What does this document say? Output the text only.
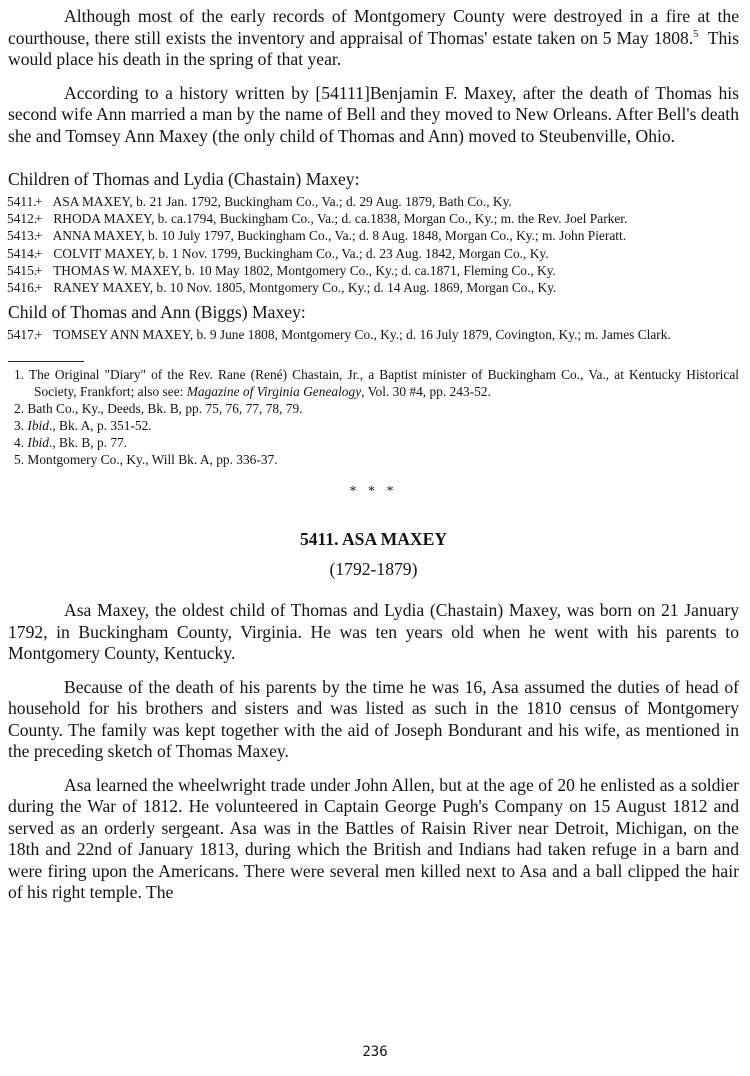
Although most of the early records of Montgomery County were destroyed in a fire at the courthouse, there still exists the inventory and appraisal of Thomas' estate taken on 5 May 1808.$^5$ This would place his death in the spring of that year.

According to a history written by [54111]Benjamin F. Maxey, after the death of Thomas his second wife Ann married a man by the name of Bell and they moved to New Orleans. After Bell's death she and Tomsey Ann Maxey (the only child of Thomas and Ann) moved to Steubenville, Ohio.

Children of Thomas and Lydia (Chastain) Maxey:
+5411. ASA MAXEY, b. 21 Jan. 1792, Buckingham Co., Va.; d. 29 Aug. 1879, Bath Co., Ky.
+5412. RHODA MAXEY, b. ca.1794, Buckingham Co., Va.; d. ca.1838, Morgan Co., Ky.; m. the Rev. Joel Parker.
+5413. ANNA MAXEY, b. 10 July 1797, Buckingham Co., Va.; d. 8 Aug. 1848, Morgan Co., Ky.; m. John Pieratt.
+5414. COLVIT MAXEY, b. 1 Nov. 1799, Buckingham Co., Va.; d. 23 Aug. 1842, Morgan Co., Ky.
+5415. THOMAS W. MAXEY, b. 10 May 1802, Montgomery Co., Ky.; d. ca.1871, Fleming Co., Ky.
+5416. RANEY MAXEY, b. 10 Nov. 1805, Montgomery Co., Ky.; d. 14 Aug. 1869, Morgan Co., Ky.
Child of Thomas and Ann (Biggs) Maxey:
+5417. TOMSEY ANN MAXEY, b. 9 June 1808, Montgomery Co., Ky.; d. 16 July 1879, Covington, Ky.; m. James Clark.
1. The Original "Diary" of the Rev. Rane (René) Chastain, Jr., a Baptist minister of Buckingham Co., Va., at Kentucky Historical Society, Frankfort; also see: Magazine of Virginia Genealogy, Vol. 30 #4, pp. 243-52.
2. Bath Co., Ky., Deeds, Bk. B, pp. 75, 76, 77, 78, 79.
3. Ibid., Bk. A, p. 351-52.
4. Ibid., Bk. B, p. 77.
5. Montgomery Co., Ky., Will Bk. A, pp. 336-37.
* * *
5411. ASA MAXEY
(1792-1879)

Asa Maxey, the oldest child of Thomas and Lydia (Chastain) Maxey, was born on 21 January 1792, in Buckingham County, Virginia. He was ten years old when he went with his parents to Montgomery County, Kentucky.

Because of the death of his parents by the time he was 16, Asa assumed the duties of head of household for his brothers and sisters and was listed as such in the 1810 census of Montgomery County. The family was kept together with the aid of Joseph Bondurant and his wife, as mentioned in the preceding sketch of Thomas Maxey.

Asa learned the wheelwright trade under John Allen, but at the age of 20 he enlisted as a soldier during the War of 1812. He volunteered in Captain George Pugh's Company on 15 August 1812 and served as an orderly sergeant. Asa was in the Battles of Raisin River near Detroit, Michigan, on the 18th and 22nd of January 1813, during which the British and Indians had taken refuge in a barn and were firing upon the Americans. There were several men killed next to Asa and a ball clipped the hair of his right temple. The

236
